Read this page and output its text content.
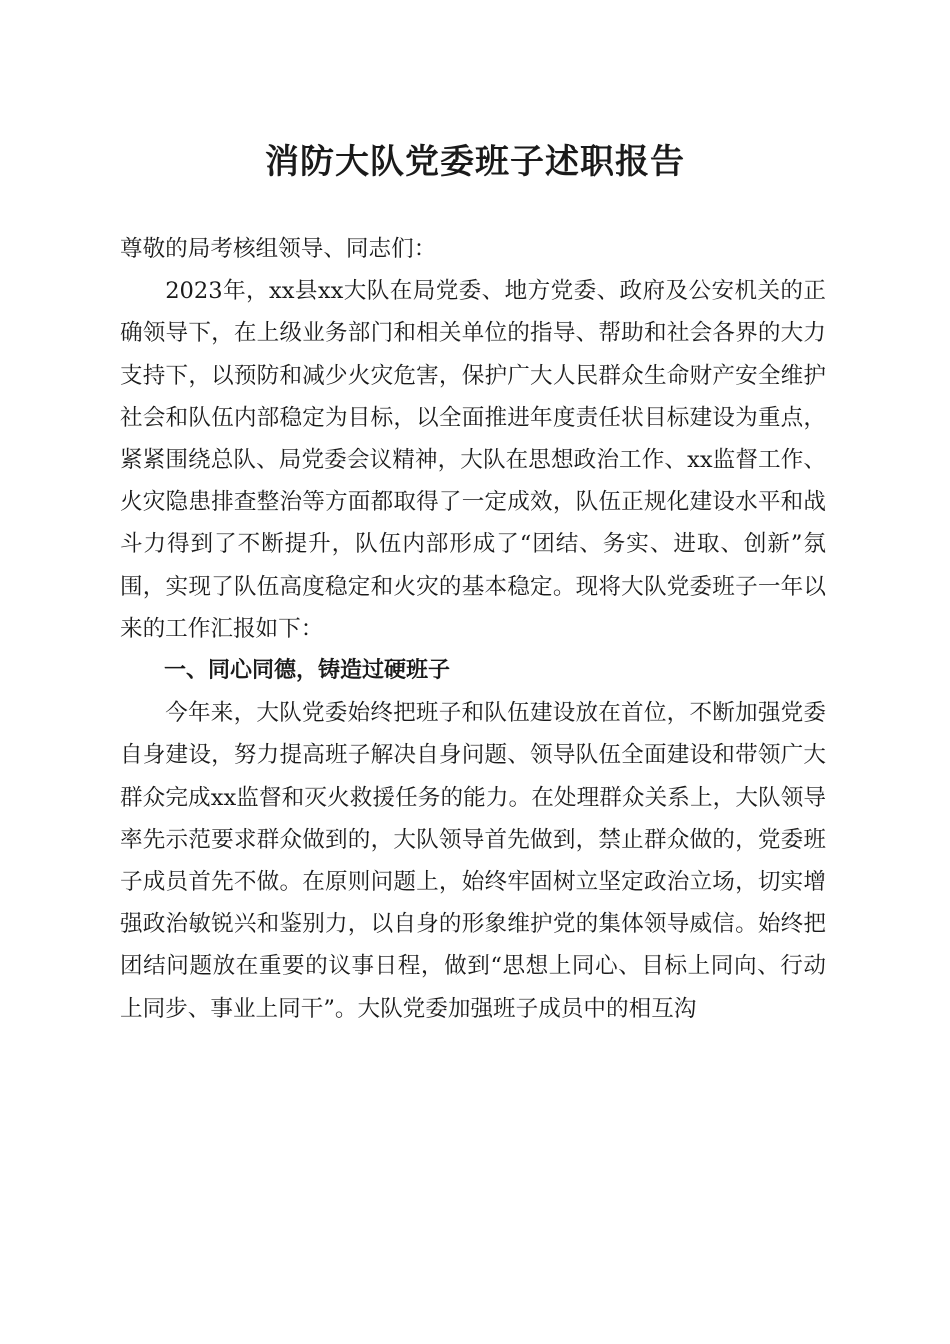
消防大队党委班子述职报告

尊敬的局考核组领导、同志们：

2023年，xx县xx大队在局党委、地方党委、政府及公安机关的正确领导下，在上级业务部门和相关单位的指导、帮助和社会各界的大力支持下，以预防和减少火灾危害，保护广大人民群众生命财产安全维护社会和队伍内部稳定为目标，以全面推进年度责任状目标建设为重点，紧紧围绕总队、局党委会议精神，大队在思想政治工作、xx监督工作、火灾隐患排查整治等方面都取得了一定成效，队伍正规化建设水平和战斗力得到了不断提升，队伍内部形成了“团结、务实、进取、创新”氛围，实现了队伍高度稳定和火灾的基本稳定。现将大队党委班子一年以来的工作汇报如下：

一、同心同德，铸造过硬班子

今年来，大队党委始终把班子和队伍建设放在首位，不断加强党委自身建设，努力提高班子解决自身问题、领导队伍全面建设和带领广大群众完成xx监督和灭火救援任务的能力。在处理群众关系上，大队领导率先示范要求群众做到的，大队领导首先做到，禁止群众做的，党委班子成员首先不做。在原则问题上，始终牢固树立坚定政治立场，切实增强政治敏锐兴和鉴别力，以自身的形象维护党的集体领导威信。始终把团结问题放在重要的议事日程，做到“思想上同心、目标上同向、行动上同步、事业上同干”。大队党委加强班子成员中的相互沟
